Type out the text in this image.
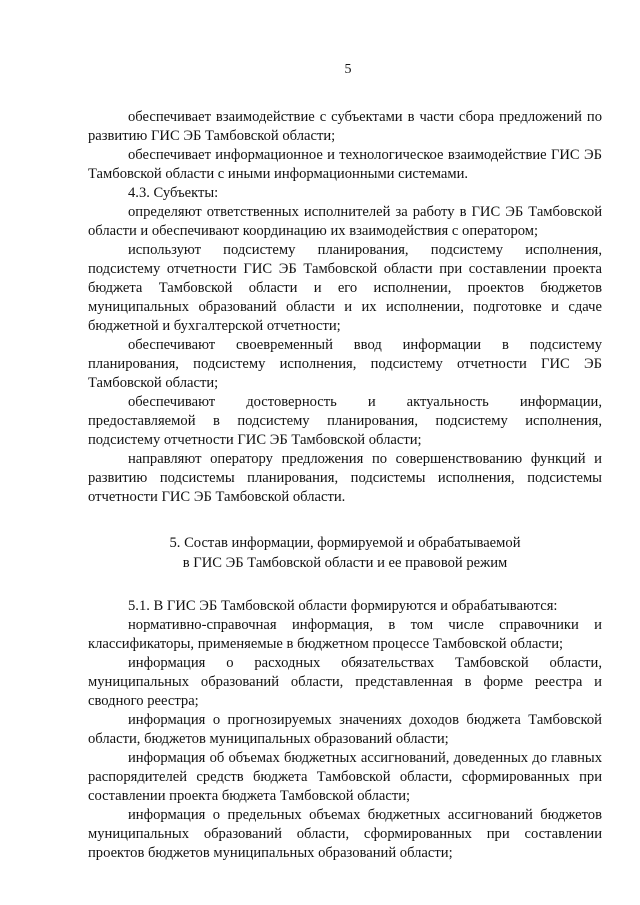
5

обеспечивает взаимодействие с субъектами в части сбора предложений по развитию ГИС ЭБ Тамбовской области;

обеспечивает информационное и технологическое взаимодействие ГИС ЭБ Тамбовской области с иными информационными системами.

4.3. Субъекты:

определяют ответственных исполнителей за работу в ГИС ЭБ Тамбовской области и обеспечивают координацию их взаимодействия с оператором;

используют подсистему планирования, подсистему исполнения, подсистему отчетности ГИС ЭБ Тамбовской области при составлении проекта бюджета Тамбовской области и его исполнении, проектов бюджетов муниципальных образований области и их исполнении, подготовке и сдаче бюджетной и бухгалтерской отчетности;

обеспечивают своевременный ввод информации в подсистему планирования, подсистему исполнения, подсистему отчетности ГИС ЭБ Тамбовской области;

обеспечивают достоверность и актуальность информации, предоставляемой в подсистему планирования, подсистему исполнения, подсистему отчетности ГИС ЭБ Тамбовской области;

направляют оператору предложения по совершенствованию функций и развитию подсистемы планирования, подсистемы исполнения, подсистемы отчетности ГИС ЭБ Тамбовской области.

5. Состав информации, формируемой и обрабатываемой

в ГИС ЭБ Тамбовской области и ее правовой режим

5.1. В ГИС ЭБ Тамбовской области формируются и обрабатываются:

нормативно-справочная информация, в том числе справочники и классификаторы, применяемые в бюджетном процессе Тамбовской области;

информация о расходных обязательствах Тамбовской области, муниципальных образований области, представленная в форме реестра и сводного реестра;

информация о прогнозируемых значениях доходов бюджета Тамбовской области, бюджетов муниципальных образований области;

информация об объемах бюджетных ассигнований, доведенных до главных распорядителей средств бюджета Тамбовской области, сформированных при составлении проекта бюджета Тамбовской области;

информация о предельных объемах бюджетных ассигнований бюджетов муниципальных образований области, сформированных при составлении проектов бюджетов муниципальных образований области;
